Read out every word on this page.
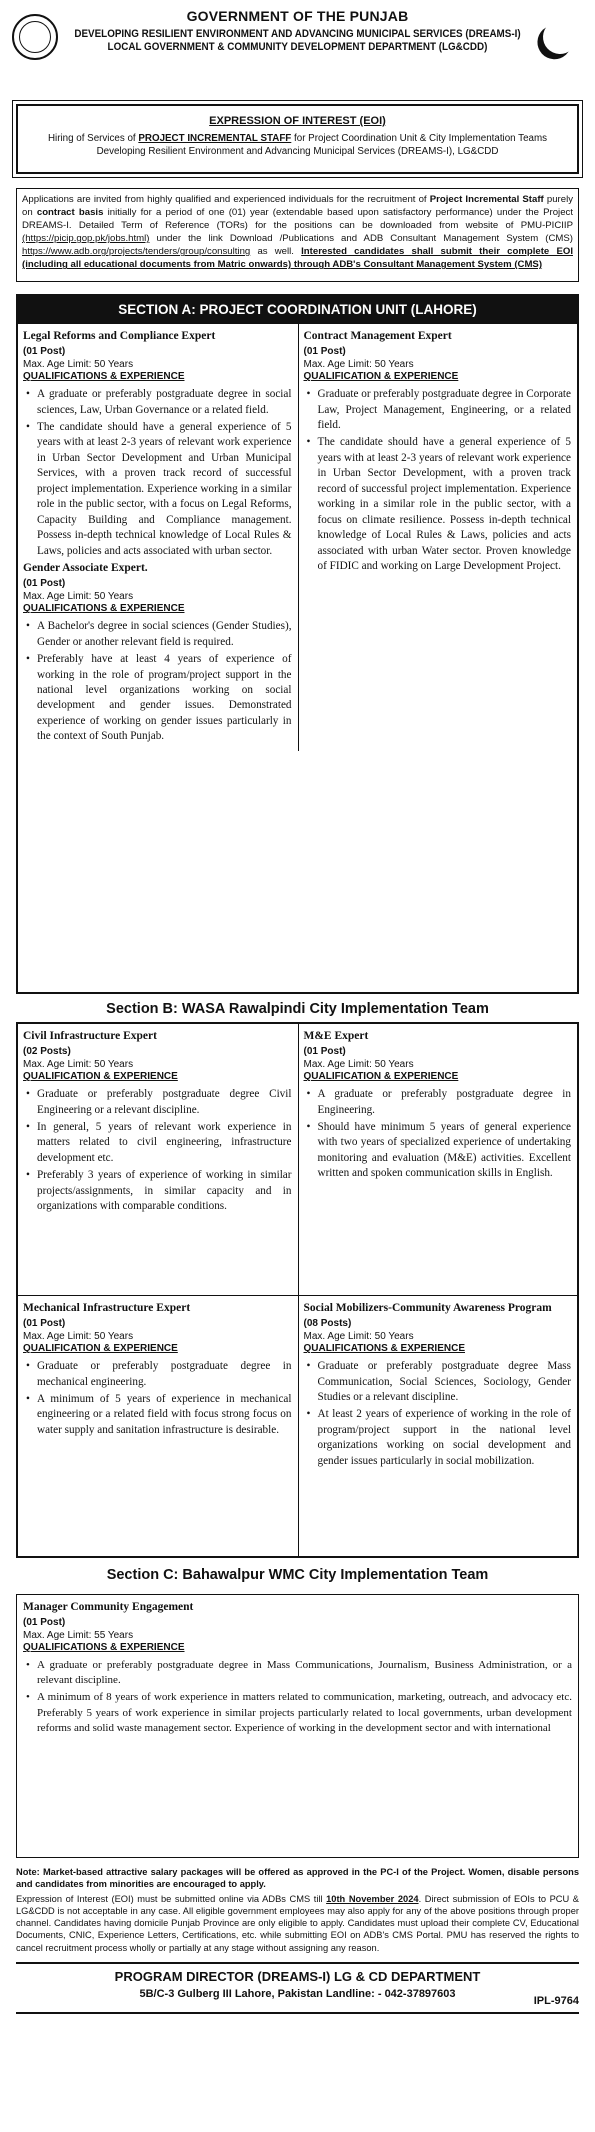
GOVERNMENT OF THE PUNJAB
DEVELOPING RESILIENT ENVIRONMENT AND ADVANCING MUNICIPAL SERVICES (DREAMS-I)
LOCAL GOVERNMENT & COMMUNITY DEVELOPMENT DEPARTMENT (LG&CDD)
EXPRESSION OF INTEREST (EOI)
Hiring of Services of PROJECT INCREMENTAL STAFF for Project Coordination Unit & City Implementation Teams Developing Resilient Environment and Advancing Municipal Services (DREAMS-I), LG&CDD
Applications are invited from highly qualified and experienced individuals for the recruitment of Project Incremental Staff purely on contract basis initially for a period of one (01) year (extendable based upon satisfactory performance) under the Project DREAMS-I. Detailed Term of Reference (TORs) for the positions can be downloaded from website of PMU-PICIIP (https://picip.gop.pk/jobs.html) under the link Download /Publications and ADB Consultant Management System (CMS) https://www.adb.org/projects/tenders/group/consulting as well. Interested candidates shall submit their complete EOI (including all educational documents from Matric onwards) through ADB's Consultant Management System (CMS)
SECTION A: PROJECT COORDINATION UNIT (LAHORE)
Legal Reforms and Compliance Expert
(01 Post)
Max. Age Limit: 50 Years
QUALIFICATIONS & EXPERIENCE
• A graduate or preferably postgraduate degree in social sciences, Law, Urban Governance or a related field.
• The candidate should have a general experience of 5 years with at least 2-3 years of relevant work experience in Urban Sector Development and Urban Municipal Services, with a proven track record of successful project implementation. Experience working in a similar role in the public sector, with a focus on Legal Reforms, Capacity Building and Compliance management. Possess in-depth technical knowledge of Local Rules & Laws, policies and acts associated with urban sector.
Gender Associate Expert.
(01 Post)
Max. Age Limit: 50 Years
QUALIFICATIONS & EXPERIENCE
• A Bachelor's degree in social sciences (Gender Studies), Gender or another relevant field is required.
• Preferably have at least 4 years of experience of working in the role of program/project support in the national level organizations working on social development and gender issues. Demonstrated experience of working on gender issues particularly in the context of South Punjab.
Contract Management Expert
(01 Post)
Max. Age Limit: 50 Years
QUALIFICATION & EXPERIENCE
• Graduate or preferably postgraduate degree in Corporate Law, Project Management, Engineering, or a related field.
• The candidate should have a general experience of 5 years with at least 2-3 years of relevant work experience in Urban Sector Development, with a proven track record of successful project implementation. Experience working in a similar role in the public sector, with a focus on climate resilience. Possess in-depth technical knowledge of Local Rules & Laws, policies and acts associated with urban Water sector. Proven knowledge of FIDIC and working on Large Development Project.
Section B: WASA Rawalpindi City Implementation Team
Civil Infrastructure Expert
(02 Posts)
Max. Age Limit: 50 Years
QUALIFICATION & EXPERIENCE
• Graduate or preferably postgraduate degree Civil Engineering or a relevant discipline.
• In general, 5 years of relevant work experience in matters related to civil engineering, infrastructure development etc.
• Preferably 3 years of experience of working in similar projects/assignments, in similar capacity and in organizations with comparable conditions.
M&E Expert
(01 Post)
Max. Age Limit: 50 Years
QUALIFICATION & EXPERIENCE
• A graduate or preferably postgraduate degree in Engineering.
• Should have minimum 5 years of general experience with two years of specialized experience of undertaking monitoring and evaluation (M&E) activities. Excellent written and spoken communication skills in English.
Mechanical Infrastructure Expert
(01 Post)
Max. Age Limit: 50 Years
QUALIFICATION & EXPERIENCE
• Graduate or preferably postgraduate degree in mechanical engineering.
• A minimum of 5 years of experience in mechanical engineering or a related field with focus strong focus on water supply and sanitation infrastructure is desirable.
Social Mobilizers-Community Awareness Program
(08 Posts)
Max. Age Limit: 50 Years
QUALIFICATIONS & EXPERIENCE
• Graduate or preferably postgraduate degree Mass Communication, Social Sciences, Sociology, Gender Studies or a relevant discipline.
• At least 2 years of experience of working in the role of program/project support in the national level organizations working on social development and gender issues particularly in social mobilization.
Section C: Bahawalpur WMC City Implementation Team
Manager Community Engagement
(01 Post)
Max. Age Limit: 55 Years
QUALIFICATIONS & EXPERIENCE
• A graduate or preferably postgraduate degree in Mass Communications, Journalism, Business Administration, or a relevant discipline.
• A minimum of 8 years of work experience in matters related to communication, marketing, outreach, and advocacy etc. Preferably 5 years of work experience in similar projects particularly related to local governments, urban development reforms and solid waste management sector. Experience of working in the development sector and with international
Note: Market-based attractive salary packages will be offered as approved in the PC-I of the Project. Women, disable persons and candidates from minorities are encouraged to apply.
Expression of Interest (EOI) must be submitted online via ADBs CMS till 10th November 2024. Direct submission of EOIs to PCU & LG&CDD is not acceptable in any case. All eligible government employees may also apply for any of the above positions through proper channel. Candidates having domicile Punjab Province are only eligible to apply. Candidates must upload their complete CV, Educational Documents, CNIC, Experience Letters, Certifications, etc. while submitting EOI on ADB's CMS Portal. PMU has reserved the rights to cancel recruitment process wholly or partially at any stage without assigning any reason.
PROGRAM DIRECTOR (DREAMS-I) LG & CD DEPARTMENT
5B/C-3 Gulberg III Lahore, Pakistan Landline: - 042-37897603
IPL-9764
